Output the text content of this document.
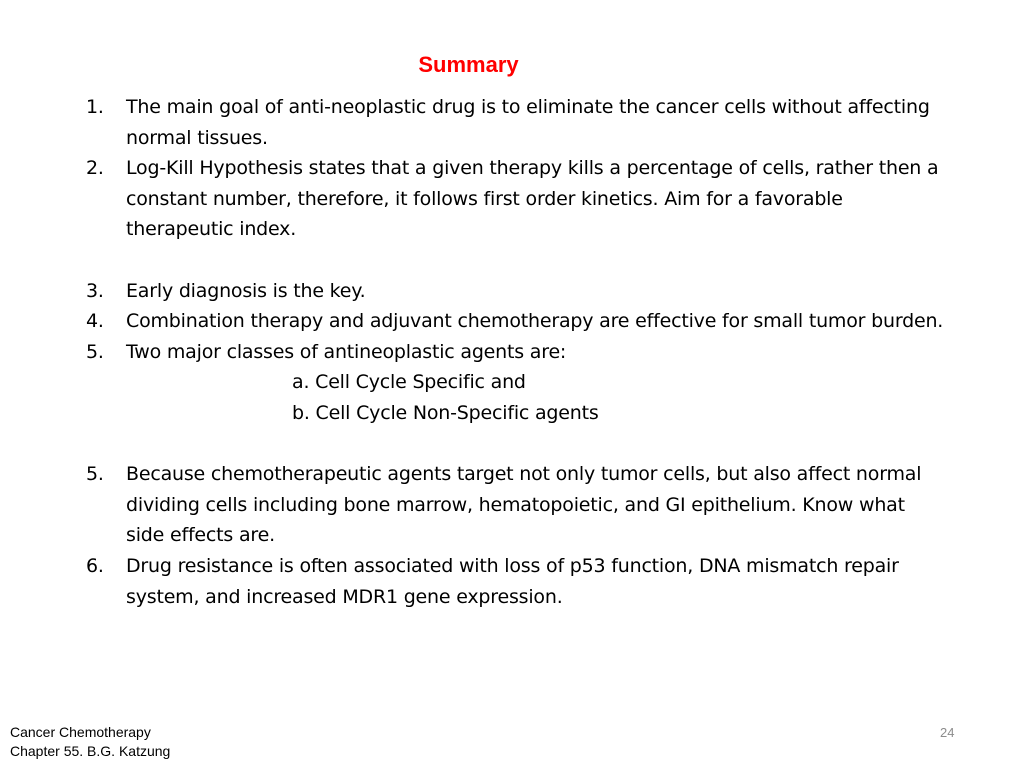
Summary
1.	The main goal of anti-neoplastic drug is to eliminate the cancer cells without affecting normal tissues.
2.	Log-Kill Hypothesis states that a given therapy kills a percentage of cells, rather then a constant number, therefore, it follows first order kinetics. Aim for a favorable therapeutic index.
3.	Early diagnosis is the key.
4.	Combination therapy and adjuvant chemotherapy are effective for small tumor burden.
5.	Two major classes of antineoplastic agents are:
a. Cell Cycle Specific and
b. Cell Cycle Non-Specific agents
5.	Because chemotherapeutic agents target not only tumor cells, but also affect normal dividing cells including bone marrow, hematopoietic, and GI epithelium. Know what side effects are.
6.	Drug resistance is often associated with loss of p53 function, DNA mismatch repair system, and increased MDR1 gene expression.
Cancer Chemotherapy
Chapter 55. B.G. Katzung
24
